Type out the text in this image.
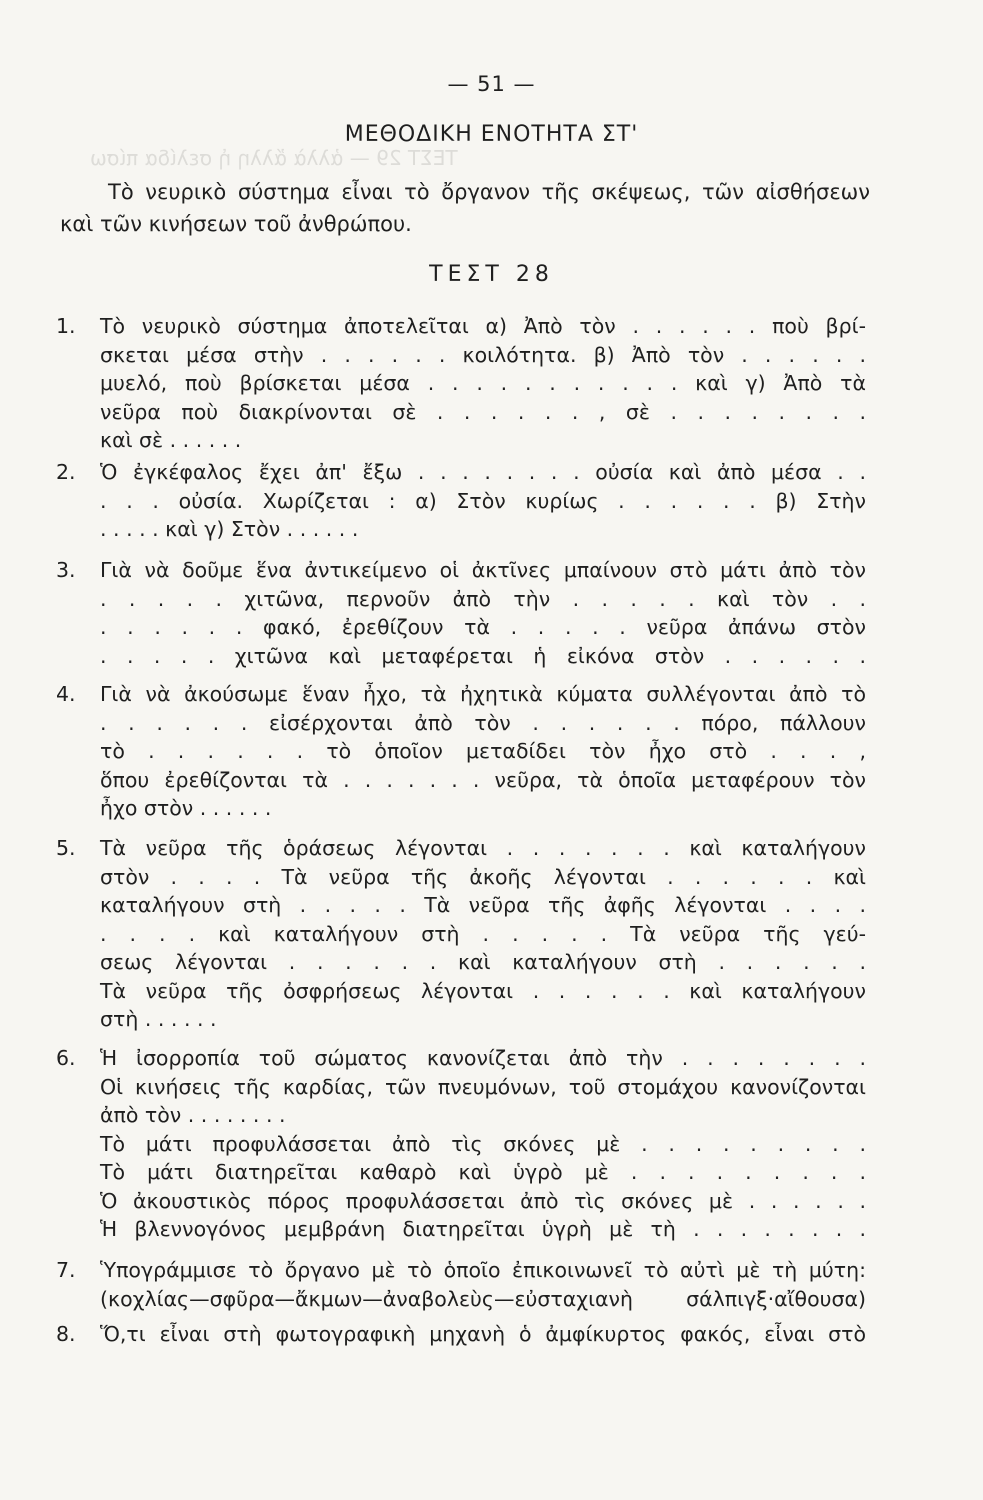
ΤΕΣΤ 29 — ἀλλὰ ἄλλη ἡ σελίδα πίσω
— 51 —
ΜΕΘΟΔΙΚΗ ΕΝΟΤΗΤΑ ΣΤ'
Τὸ νευρικὸ σύστημα εἶναι τὸ ὄργανον τῆς σκέψεως, τῶν αἰσθήσεων
καὶ τῶν κινήσεων τοῦ ἀνθρώπου.
ΤΕΣΤ 28
1.	Τὸ νευρικὸ σύστημα ἀποτελεῖται α) Ἀπὸ τὸν . . . . . . ποὺ βρί-
σκεται μέσα στὴν . . . . . . κοιλότητα. β) Ἀπὸ τὸν . . . . . .
μυελό, ποὺ βρίσκεται μέσα . . . . . . . . . . . καὶ γ) Ἀπὸ τὰ
νεῦρα ποὺ διακρίνονται σὲ . . . . . . , σὲ . . . . . . . .
καὶ σὲ . . . . . .
2.	Ὁ ἐγκέφαλος ἔχει ἀπ' ἔξω . . . . . . . . οὐσία καὶ ἀπὸ μέσα . .
. . . οὐσία. Χωρίζεται : α) Στὸν κυρίως . . . . . . β) Στὴν
. . . . . καὶ γ) Στὸν . . . . . .
3.	Γιὰ νὰ δοῦμε ἕνα ἀντικείμενο οἱ ἀκτῖνες μπαίνουν στὸ μάτι ἀπὸ τὸν
. . . . . χιτῶνα, περνοῦν ἀπὸ τὴν . . . . . καὶ τὸν . .
. . . . . . φακό, ἐρεθίζουν τὰ . . . . . νεῦρα ἀπάνω στὸν
. . . . . χιτῶνα καὶ μεταφέρεται ἡ εἰκόνα στὸν . . . . . .
4.	Γιὰ νὰ ἀκούσωμε ἕναν ἦχο, τὰ ἠχητικὰ κύματα συλλέγονται ἀπὸ τὸ
. . . . . . εἰσέρχονται ἀπὸ τὸν . . . . . . πόρο, πάλλουν
τὸ . . . . . . τὸ ὁποῖον μεταδίδει τὸν ἦχο στὸ . . . ,
ὅπου ἐρεθίζονται τὰ . . . . . . . νεῦρα, τὰ ὁποῖα μεταφέρουν τὸν
ἦχο στὸν . . . . . .
5.	Τὰ νεῦρα τῆς ὁράσεως λέγονται . . . . . . . καὶ καταλήγουν
στὸν . . . . Τὰ νεῦρα τῆς ἀκοῆς λέγονται . . . . . . καὶ
καταλήγουν στὴ . . . . . Τὰ νεῦρα τῆς ἀφῆς λέγονται . . . .
. . . . καὶ καταλήγουν στὴ . . . . . Τὰ νεῦρα τῆς γεύ-
σεως λέγονται . . . . . . καὶ καταλήγουν στὴ . . . . . .
Τὰ νεῦρα τῆς ὀσφρήσεως λέγονται . . . . . . καὶ καταλήγουν
στὴ . . . . . .
6.	Ἡ ἰσορροπία τοῦ σώματος κανονίζεται ἀπὸ τὴν . . . . . . . .
Οἱ κινήσεις τῆς καρδίας, τῶν πνευμόνων, τοῦ στομάχου κανονίζονται
ἀπὸ τὸν . . . . . . . .
Τὸ μάτι προφυλάσσεται ἀπὸ τὶς σκόνες μὲ . . . . . . . . .
Τὸ μάτι διατηρεῖται καθαρὸ καὶ ὑγρὸ μὲ . . . . . . . . .
Ὁ ἀκουστικὸς πόρος προφυλάσσεται ἀπὸ τὶς σκόνες μὲ . . . . . .
Ἡ βλεννογόνος μεμβράνη διατηρεῖται ὑγρὴ μὲ τὴ . . . . . . . .
7.	Ὑπογράμμισε τὸ ὄργανο μὲ τὸ ὁποῖο ἐπικοινωνεῖ τὸ αὐτὶ μὲ τὴ μύτη:
(κοχλίας—σφῦρα—ἄκμων—ἀναβολεὺς—εὐσταχιανὴ σάλπιγξ·αἴθουσα)
8.	Ὅ,τι εἶναι στὴ φωτογραφικὴ μηχανὴ ὁ ἀμφίκυρτος φακός, εἶναι στὸ
